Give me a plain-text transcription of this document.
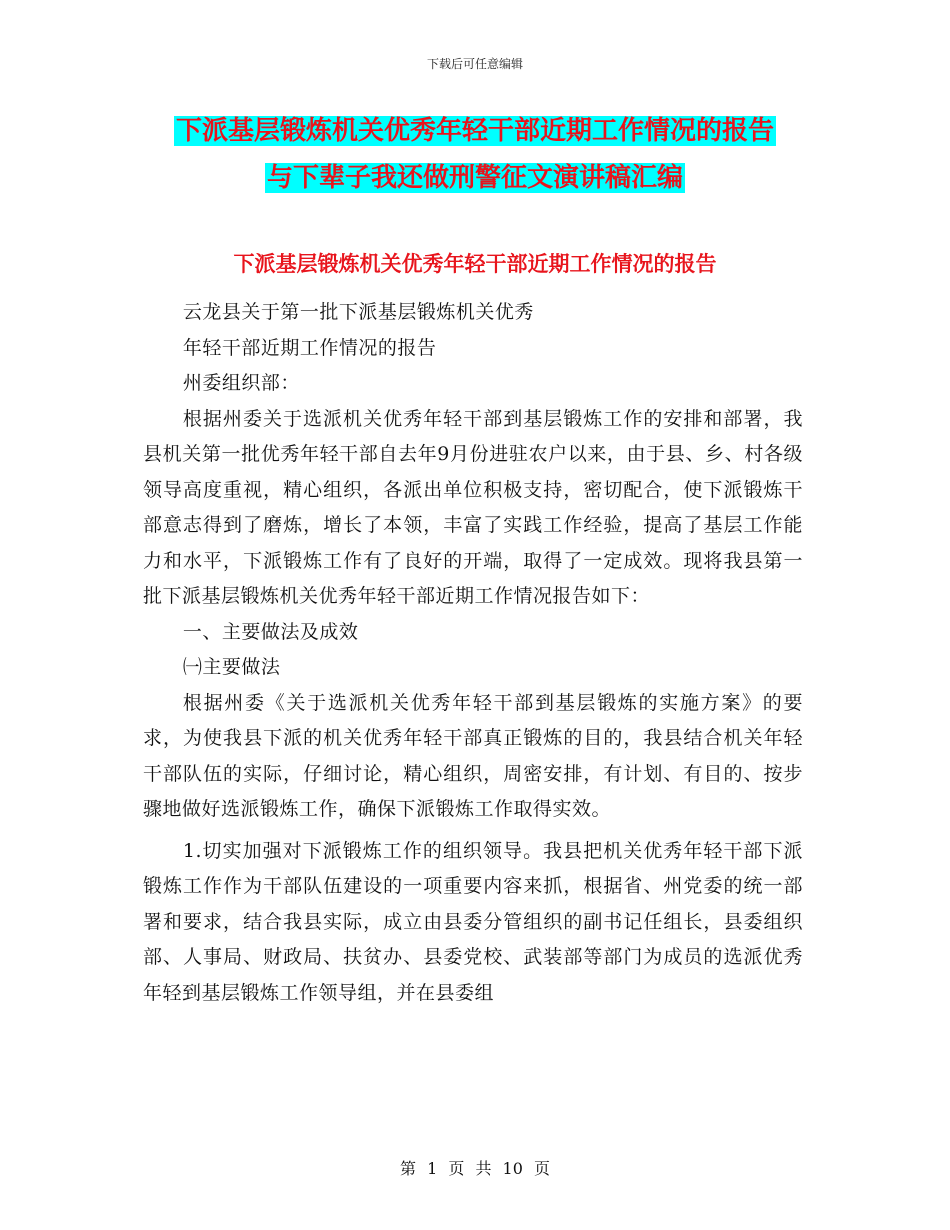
下载后可任意编辑
下派基层锻炼机关优秀年轻干部近期工作情况的报告
与下辈子我还做刑警征文演讲稿汇编
下派基层锻炼机关优秀年轻干部近期工作情况的报告

云龙县关于第一批下派基层锻炼机关优秀

年轻干部近期工作情况的报告

州委组织部：

根据州委关于选派机关优秀年轻干部到基层锻炼工作的安排和部署，我县机关第一批优秀年轻干部自去年9月份进驻农户以来，由于县、乡、村各级领导高度重视，精心组织，各派出单位积极支持，密切配合，使下派锻炼干部意志得到了磨炼，增长了本领，丰富了实践工作经验，提高了基层工作能力和水平，下派锻炼工作有了良好的开端，取得了一定成效。现将我县第一批下派基层锻炼机关优秀年轻干部近期工作情况报告如下：

一、主要做法及成效

㈠主要做法

根据州委《关于选派机关优秀年轻干部到基层锻炼的实施方案》的要求，为使我县下派的机关优秀年轻干部真正锻炼的目的，我县结合机关年轻干部队伍的实际，仔细讨论，精心组织，周密安排，有计划、有目的、按步骤地做好选派锻炼工作，确保下派锻炼工作取得实效。

1.切实加强对下派锻炼工作的组织领导。我县把机关优秀年轻干部下派锻炼工作作为干部队伍建设的一项重要内容来抓，根据省、州党委的统一部署和要求，结合我县实际，成立由县委分管组织的副书记任组长，县委组织部、人事局、财政局、扶贫办、县委党校、武装部等部门为成员的选派优秀年轻到基层锻炼工作领导组，并在县委组

第 1 页 共 10 页
